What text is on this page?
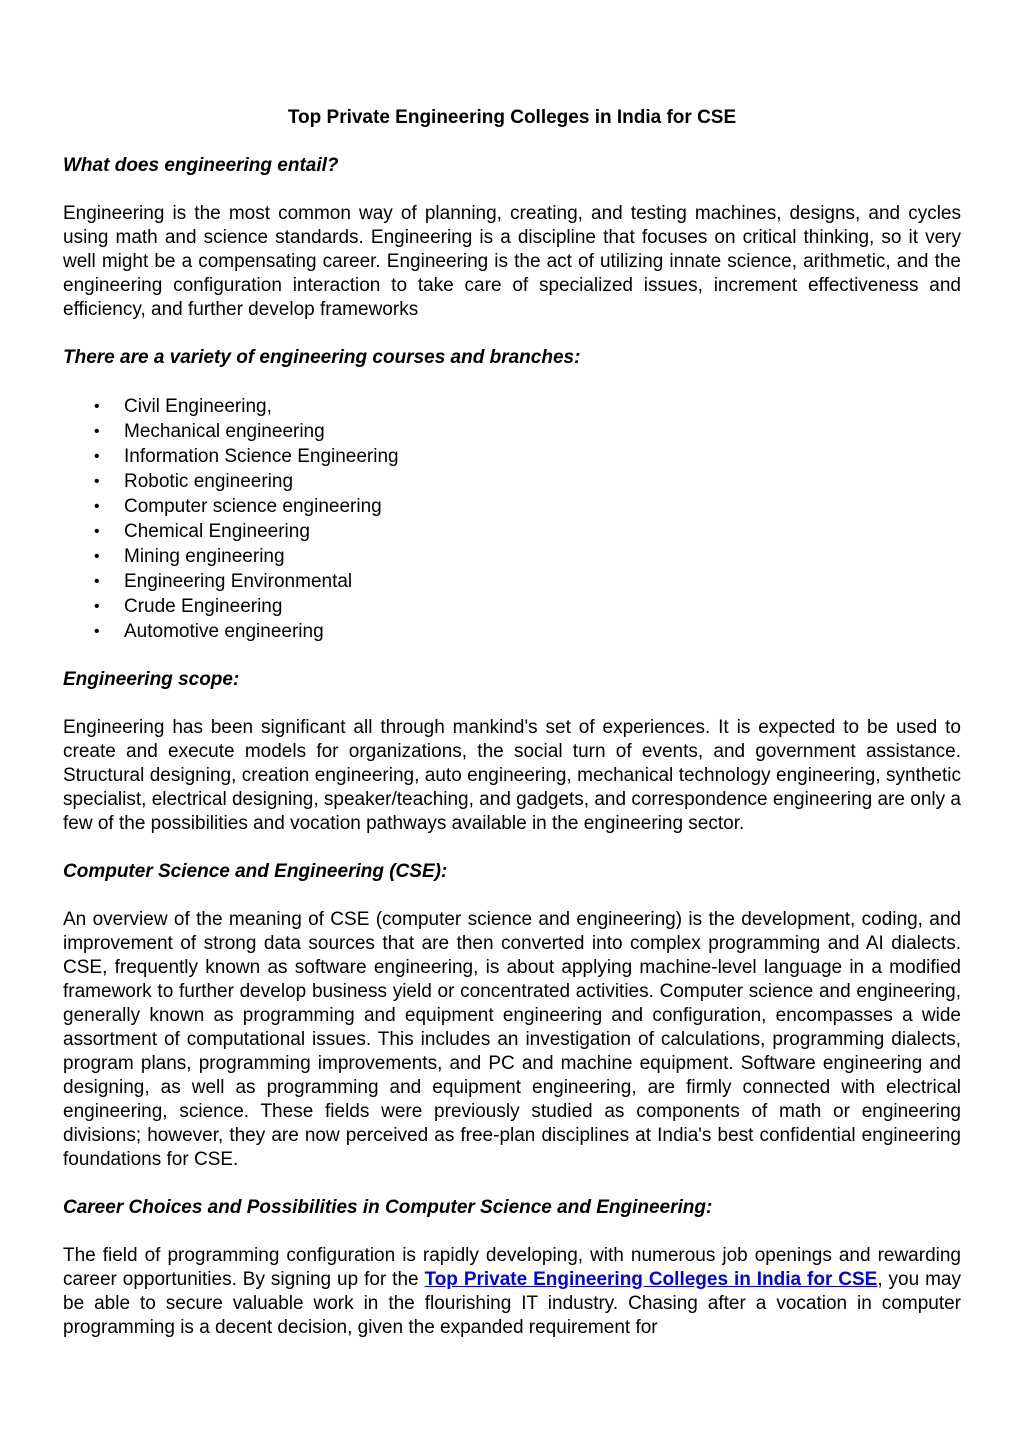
Top Private Engineering Colleges in India for CSE

What does engineering entail?

Engineering is the most common way of planning, creating, and testing machines, designs, and cycles using math and science standards. Engineering is a discipline that focuses on critical thinking, so it very well might be a compensating career. Engineering is the act of utilizing innate science, arithmetic, and the engineering configuration interaction to take care of specialized issues, increment effectiveness and efficiency, and further develop frameworks

There are a variety of engineering courses and branches:

• Civil Engineering,
• Mechanical engineering
• Information Science Engineering
• Robotic engineering
• Computer science engineering
• Chemical Engineering
• Mining engineering
• Engineering Environmental
• Crude Engineering
• Automotive engineering

Engineering scope:

Engineering has been significant all through mankind's set of experiences. It is expected to be used to create and execute models for organizations, the social turn of events, and government assistance. Structural designing, creation engineering, auto engineering, mechanical technology engineering, synthetic specialist, electrical designing, speaker/teaching, and gadgets, and correspondence engineering are only a few of the possibilities and vocation pathways available in the engineering sector.

Computer Science and Engineering (CSE):

An overview of the meaning of CSE (computer science and engineering) is the development, coding, and improvement of strong data sources that are then converted into complex programming and AI dialects. CSE, frequently known as software engineering, is about applying machine-level language in a modified framework to further develop business yield or concentrated activities. Computer science and engineering, generally known as programming and equipment engineering and configuration, encompasses a wide assortment of computational issues. This includes an investigation of calculations, programming dialects, program plans, programming improvements, and PC and machine equipment. Software engineering and designing, as well as programming and equipment engineering, are firmly connected with electrical engineering, science. These fields were previously studied as components of math or engineering divisions; however, they are now perceived as free-plan disciplines at India's best confidential engineering foundations for CSE.

Career Choices and Possibilities in Computer Science and Engineering:

The field of programming configuration is rapidly developing, with numerous job openings and rewarding career opportunities. By signing up for the Top Private Engineering Colleges in India for CSE, you may be able to secure valuable work in the flourishing IT industry. Chasing after a vocation in computer programming is a decent decision, given the expanded requirement for
